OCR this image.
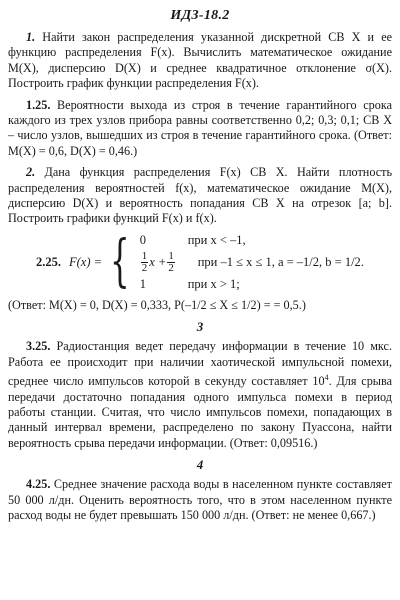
ИДЗ-18.2

1. Найти закон распределения указанной дискретной СВ X и ее функцию распределения F(x). Вычислить математическое ожидание M(X), дисперсию D(X) и среднее квадратичное отклонение σ(X). Построить график функции распределения F(x).

1.25. Вероятности выхода из строя в течение гарантийного срока каждого из трех узлов прибора равны соответственно 0,2; 0,3; 0,1; СВ X – число узлов, вышедших из строя в течение гарантийного срока. (Ответ: M(X) = 0,6, D(X) = 0,46.)

2. Дана функция распределения F(x) СВ X. Найти плотность распределения вероятностей f(x), математическое ожидание M(X), дисперсию D(X) и вероятность попадания СВ X на отрезок [a; b]. Построить графики функций F(x) и f(x).

2.25. F(x) = { 0	при x < –1,
$\frac{1}{2}$ $x + \frac{1}{2}$ при –1 ≤ x ≤ 1, a = –1/2, b = 1/2.
1	при x > 1;

(Ответ: M(X) = 0, D(X) = 0,333, P(–1/2 ≤ X ≤ 1/2) = = 0,5.)

3

3.25. Радиостанция ведет передачу информации в течение 10 мкс. Работа ее происходит при наличии хаотической импульсной помехи, среднее число импульсов которой в секунду составляет $10^4$. Для срыва передачи достаточно попадания одного импульса помехи в период работы станции. Считая, что число импульсов помехи, попадающих в данный интервал времени, распределено по закону Пуассона, найти вероятность срыва передачи информации. (Ответ: 0,09516.)

4

4.25. Среднее значение расхода воды в населенном пункте составляет 50 000 л/дн. Оценить вероятность того, что в этом населенном пункте расход воды не будет превышать 150 000 л/дн. (Ответ: не менее 0,667.)
